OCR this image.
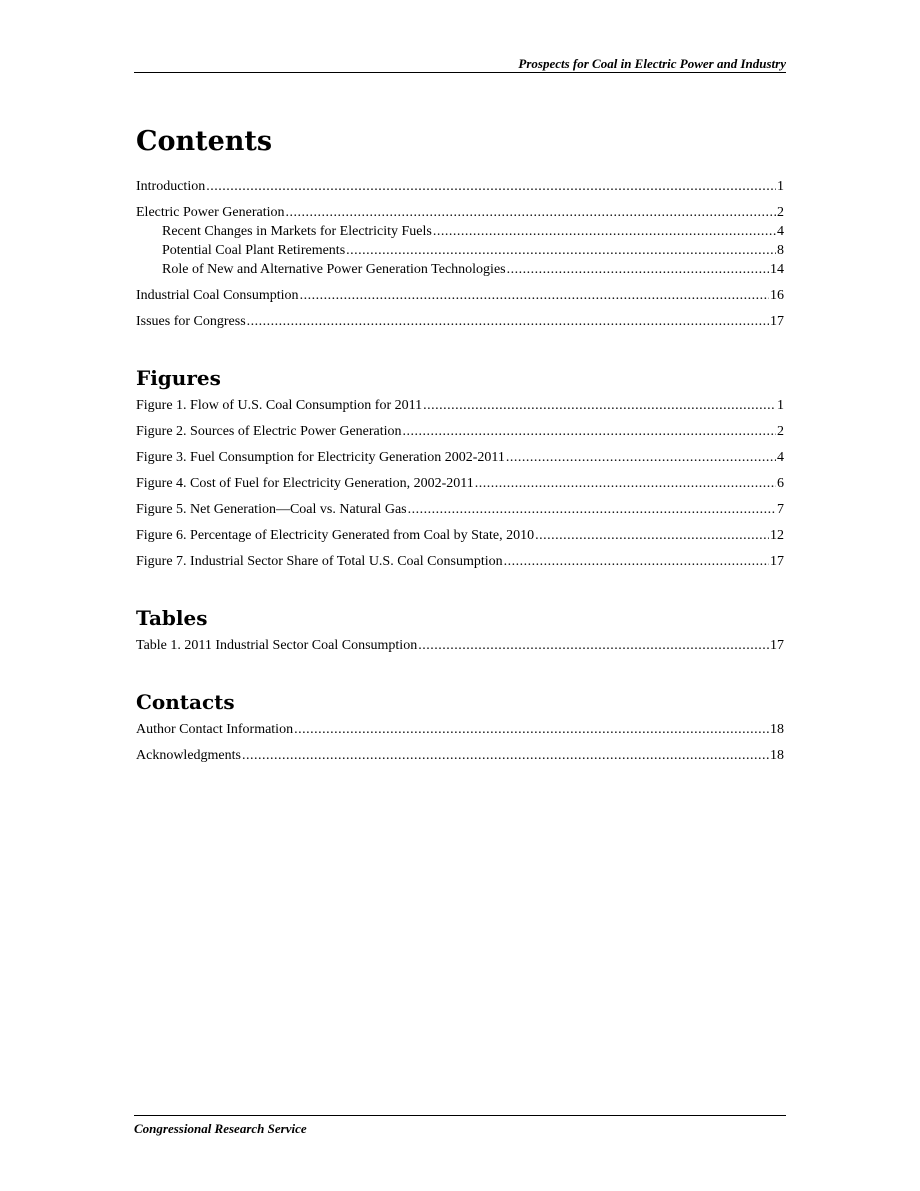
Prospects for Coal in Electric Power and Industry
Contents
Introduction .....	1
Electric Power Generation .....	2
Recent Changes in Markets for Electricity Fuels .....	4
Potential Coal Plant Retirements .....	8
Role of New and Alternative Power Generation Technologies .....	14
Industrial Coal Consumption .....	16
Issues for Congress .....	17
Figures
Figure 1. Flow of U.S. Coal Consumption for 2011 .....	1
Figure 2. Sources of Electric Power Generation .....	2
Figure 3. Fuel Consumption for Electricity Generation 2002-2011 .....	4
Figure 4. Cost of Fuel for Electricity Generation, 2002-2011 .....	6
Figure 5. Net Generation—Coal vs. Natural Gas .....	7
Figure 6. Percentage of Electricity Generated from Coal by State, 2010 .....	12
Figure 7. Industrial Sector Share of Total U.S. Coal Consumption .....	17
Tables
Table 1. 2011 Industrial Sector Coal Consumption .....	17
Contacts
Author Contact Information .....	18
Acknowledgments .....	18
Congressional Research Service
